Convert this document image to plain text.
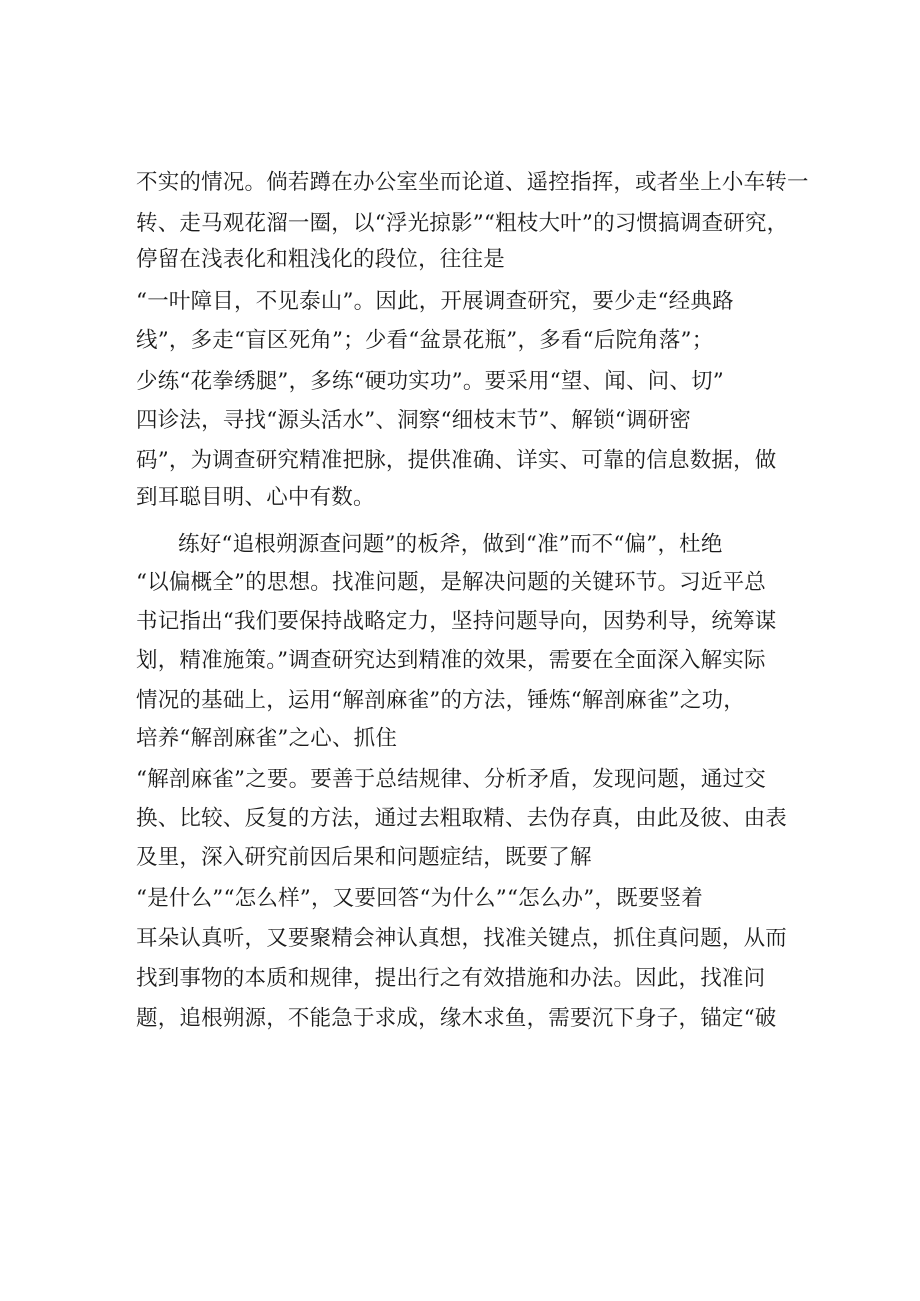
不实的情况。倘若蹲在办公室坐而论道、遥控指挥，或者坐上小车转一
转、走马观花溜一圈，以“浮光掠影”“粗枝大叶”的习惯搞调查研究，
停留在浅表化和粗浅化的段位，往往是
“一叶障目，不见泰山”。因此，开展调查研究，要少走“经典路
线”，多走“盲区死角”；少看“盆景花瓶”，多看“后院角落”；
少练“花拳绣腿”，多练“硬功实功”。要采用“望、闻、问、切”
四诊法，寻找“源头活水”、洞察“细枝末节”、解锁“调研密
码”，为调查研究精准把脉，提供准确、详实、可靠的信息数据，做
到耳聪目明、心中有数。
练好“追根朔源查问题”的板斧，做到“准”而不“偏”，杜绝
“以偏概全”的思想。找准问题，是解决问题的关键环节。习近平总
书记指出“我们要保持战略定力，坚持问题导向，因势利导，统筹谋
划，精准施策。”调查研究达到精准的效果，需要在全面深入解实际
情况的基础上，运用“解剖麻雀”的方法，锤炼“解剖麻雀”之功，
培养“解剖麻雀”之心、抓住
“解剖麻雀”之要。要善于总结规律、分析矛盾，发现问题，通过交
换、比较、反复的方法，通过去粗取精、去伪存真，由此及彼、由表
及里，深入研究前因后果和问题症结，既要了解
“是什么”“怎么样”，又要回答“为什么”“怎么办”，既要竖着
耳朵认真听，又要聚精会神认真想，找准关键点，抓住真问题，从而
找到事物的本质和规律，提出行之有效措施和办法。因此，找准问
题，追根朔源，不能急于求成，缘木求鱼，需要沉下身子，锚定“破
